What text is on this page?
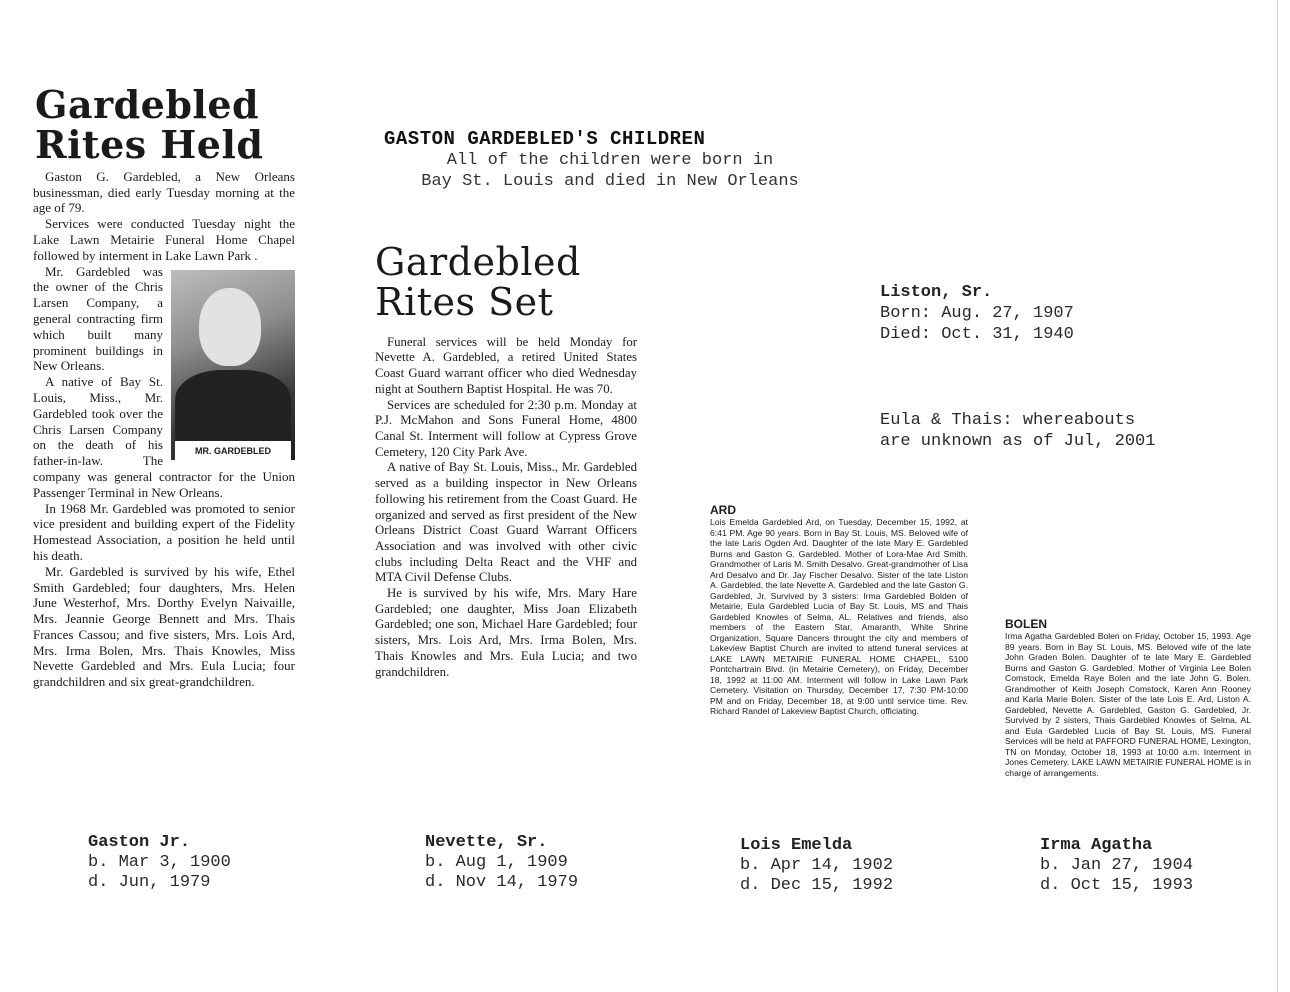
Gardebled
Rites Held

Gaston G. Gardebled, a New Orleans businessman, died early Tuesday morning at the age of 79.

Services were conducted Tuesday night the Lake Lawn Metairie Funeral Home Chapel followed by interment in Lake Lawn Park .

MR. GARDEBLED

Mr. Gardebled was the owner of the Chris Larsen Company, a general contracting firm which built many prominent buildings in New Orleans.

A native of Bay St. Louis, Miss., Mr. Gardebled took over the Chris Larsen Company on the death of his father-in-law. The company was general contractor for the Union Passenger Terminal in New Orleans.

In 1968 Mr. Gardebled was promoted to senior vice president and building expert of the Fidelity Homestead Association, a position he held until his death.

Mr. Gardebled is survived by his wife, Ethel Smith Gardebled; four daughters, Mrs. Helen June Westerhof, Mrs. Dorthy Evelyn Naivaille, Mrs. Jeannie George Bennett and Mrs. Thais Frances Cassou; and five sisters, Mrs. Lois Ard, Mrs. Irma Bolen, Mrs. Thais Knowles, Miss Nevette Gardebled and Mrs. Eula Lucia; four grandchildren and six great-grandchildren.

GASTON GARDEBLED'S CHILDREN
All of the children were born in
Bay St. Louis and died in New Orleans
Gardebled
Rites Set

Funeral services will be held Monday for Nevette A. Gardebled, a retired United States Coast Guard warrant officer who died Wednesday night at Southern Baptist Hospital. He was 70.

Services are scheduled for 2:30 p.m. Monday at P.J. McMahon and Sons Funeral Home, 4800 Canal St. Interment will follow at Cypress Grove Cemetery, 120 City Park Ave.

A native of Bay St. Louis, Miss., Mr. Gardebled served as a building inspector in New Orleans following his retirement from the Coast Guard. He organized and served as first president of the New Orleans District Coast Guard Warrant Officers Association and was involved with other civic clubs including Delta React and the VHF and MTA Civil Defense Clubs.

He is survived by his wife, Mrs. Mary Hare Gardebled; one daughter, Miss Joan Elizabeth Gardebled; one son, Michael Hare Gardebled; four sisters, Mrs. Lois Ard, Mrs. Irma Bolen, Mrs. Thais Knowles and Mrs. Eula Lucia; and two grandchildren.

Liston, Sr.
Born: Aug. 27, 1907
Died: Oct. 31, 1940
Eula & Thais: whereabouts
are unknown as of Jul, 2001
ARD
Lois Emelda Gardebled Ard, on Tuesday, December 15, 1992, at 6:41 PM. Age 90 years. Born in Bay St. Louis, MS. Beloved wife of the late Laris Ogden Ard. Daughter of the late Mary E. Gardebled Burns and Gaston G. Gardebled. Mother of Lora-Mae Ard Smith. Grandmother of Laris M. Smith Desalvo. Great-grandmother of Lisa Ard Desalvo and Dr. Jay Fischer Desalvo. Sister of the late Liston A. Gardebled, the late Nevette A. Gardebled and the late Gaston G. Gardebled, Jr. Survived by 3 sisters: Irma Gardebled Bolden of Metairie, Eula Gardebled Lucia of Bay St. Louis, MS and Thais Gardebled Knowles of Selma, AL. Relatives and friends, also members of the Eastern Star, Amaranth, White Shrine Organization, Square Dancers throught the city and members of Lakeview Baptist Church are invited to attend funeral services at LAKE LAWN METAIRIE FUNERAL HOME CHAPEL, 5100 Pontchartrain Blvd. (in Metairie Cemetery), on Friday, December 18, 1992 at 11:00 AM. Interment will follow in Lake Lawn Park Cemetery. Visitation on Thursday, December 17, 7:30 PM-10:00 PM and on Friday, December 18, at 9:00 until service time. Rev. Richard Randel of Lakeview Baptist Church, officiating.
BOLEN
Irma Agatha Gardebled Bolen on Friday, October 15, 1993. Age 89 years. Born in Bay St. Louis, MS. Beloved wife of the late John Graden Bolen. Daughter of te late Mary E. Gardebled Burns and Gaston G. Gardebled. Mother of Virginia Lee Bolen Comstock, Emelda Raye Bolen and the late John G. Bolen. Grandmother of Keith Joseph Comstock, Karen Ann Rooney and Karla Marie Bolen. Sister of the late Lois E. Ard, Liston A. Gardebled, Nevette A. Gardebled, Gaston G. Gardebled, Jr. Survived by 2 sisters, Thais Gardebled Knowles of Selma, AL and Eula Gardebled Lucia of Bay St. Louis, MS. Funeral Services will be held at PAFFORD FUNERAL HOME, Lexington, TN on Monday, October 18, 1993 at 10:00 a.m. Interment in Jones Cemetery. LAKE LAWN METAIRIE FUNERAL HOME is in charge of arrangements.
Gaston Jr.
b. Mar 3, 1900
d. Jun, 1979
Nevette, Sr.
b. Aug 1, 1909
d. Nov 14, 1979
Lois Emelda
b. Apr 14, 1902
d. Dec 15, 1992
Irma Agatha
b. Jan 27, 1904
d. Oct 15, 1993
